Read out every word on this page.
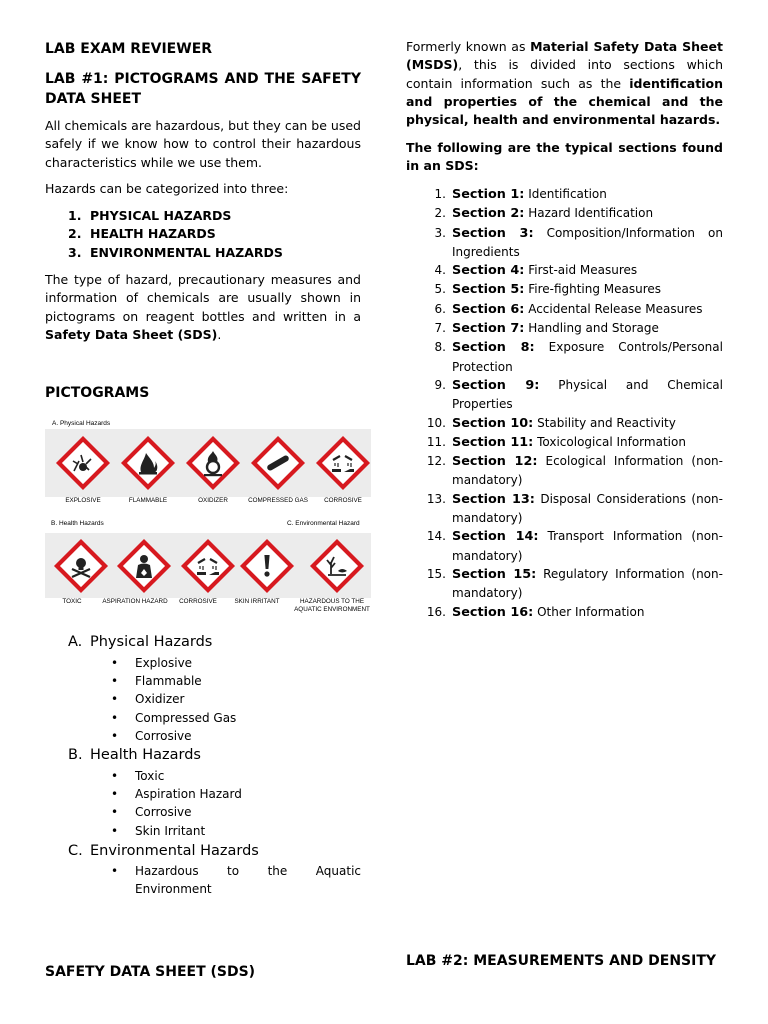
LAB EXAM REVIEWER
LAB #1: PICTOGRAMS AND THE SAFETY DATA SHEET
All chemicals are hazardous, but they can be used safely if we know how to control their hazardous characteristics while we use them.
Hazards can be categorized into three:
1. PHYSICAL HAZARDS
2. HEALTH HAZARDS
3. ENVIRONMENTAL HAZARDS
The type of hazard, precautionary measures and information of chemicals are usually shown in pictograms on reagent bottles and written in a Safety Data Sheet (SDS).
PICTOGRAMS
A. Physical Hazards
B. Health Hazards	C. Environmental Hazard
EXPLOSIVE	FLAMMABLE	OXIDIZER	COMPRESSED GAS	CORROSIVE
TOXIC	ASPIRATION HAZARD	CORROSIVE	SKIN IRRITANT	HAZARDOUS TO THE AQUATIC ENVIRONMENT
A. Physical Hazards
• Explosive
• Flammable
• Oxidizer
• Compressed Gas
• Corrosive
B. Health Hazards
• Toxic
• Aspiration Hazard
• Corrosive
• Skin Irritant
C. Environmental Hazards
• Hazardous to the Aquatic Environment
SAFETY DATA SHEET (SDS)
Formerly known as Material Safety Data Sheet (MSDS), this is divided into sections which contain information such as the identification and properties of the chemical and the physical, health and environmental hazards.
The following are the typical sections found in an SDS:
1. Section 1: Identification
2. Section 2: Hazard Identification
3. Section 3: Composition/Information on Ingredients
4. Section 4: First-aid Measures
5. Section 5: Fire-fighting Measures
6. Section 6: Accidental Release Measures
7. Section 7: Handling and Storage
8. Section 8: Exposure Controls/Personal Protection
9. Section 9: Physical and Chemical Properties
10. Section 10: Stability and Reactivity
11. Section 11: Toxicological Information
12. Section 12: Ecological Information (non-mandatory)
13. Section 13: Disposal Considerations (non-mandatory)
14. Section 14: Transport Information (non-mandatory)
15. Section 15: Regulatory Information (non-mandatory)
16. Section 16: Other Information
LAB #2: MEASUREMENTS AND DENSITY
